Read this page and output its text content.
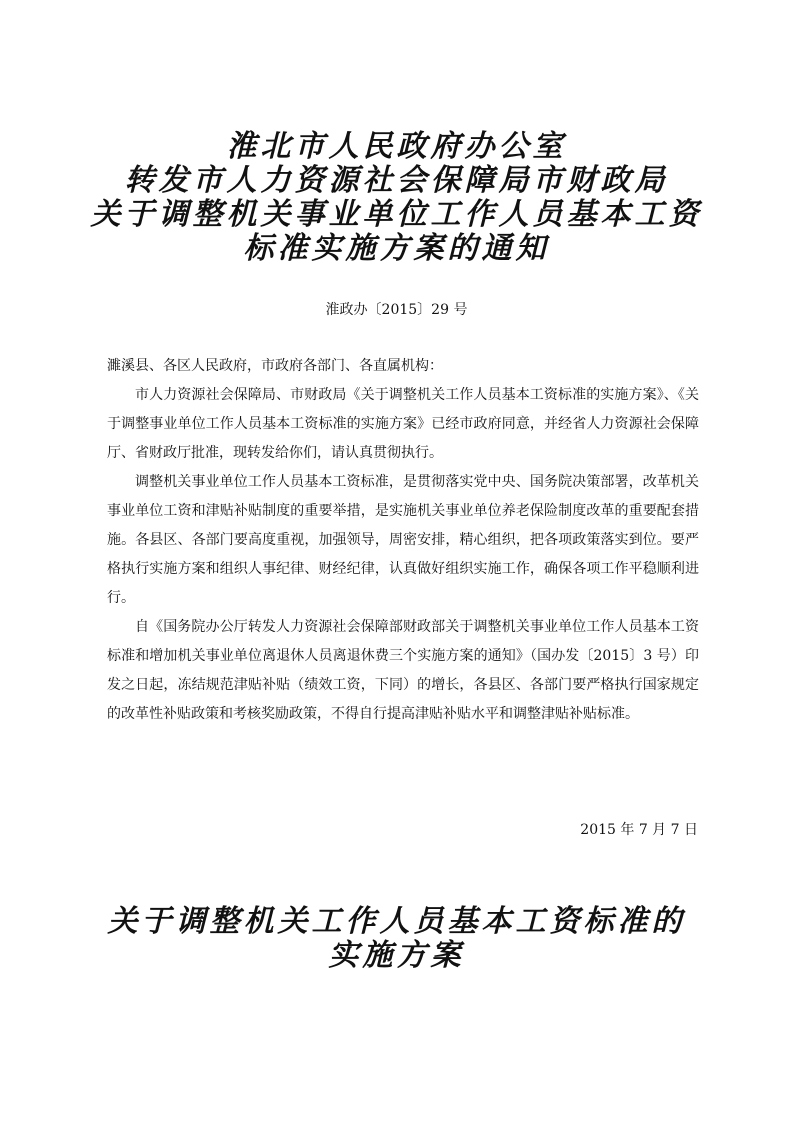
淮北市人民政府办公室
转发市人力资源社会保障局市财政局
关于调整机关事业单位工作人员基本工资
标准实施方案的通知
淮政办〔2015〕29 号

濉溪县、各区人民政府，市政府各部门、各直属机构：

市人力资源社会保障局、市财政局《关于调整机关工作人员基本工资标准的实施方案》、《关于调整事业单位工作人员基本工资标准的实施方案》已经市政府同意，并经省人力资源社会保障厅、省财政厅批准，现转发给你们，请认真贯彻执行。

调整机关事业单位工作人员基本工资标准，是贯彻落实党中央、国务院决策部署，改革机关事业单位工资和津贴补贴制度的重要举措，是实施机关事业单位养老保险制度改革的重要配套措施。各县区、各部门要高度重视，加强领导，周密安排，精心组织，把各项政策落实到位。要严格执行实施方案和组织人事纪律、财经纪律，认真做好组织实施工作，确保各项工作平稳顺利进行。

自《国务院办公厅转发人力资源社会保障部财政部关于调整机关事业单位工作人员基本工资标准和增加机关事业单位离退休人员离退休费三个实施方案的通知》（国办发〔2015〕3 号）印发之日起，冻结规范津贴补贴（绩效工资，下同）的增长，各县区、各部门要严格执行国家规定的改革性补贴政策和考核奖励政策，不得自行提高津贴补贴水平和调整津贴补贴标准。

2015 年 7 月 7 日
关于调整机关工作人员基本工资标准的
实施方案
